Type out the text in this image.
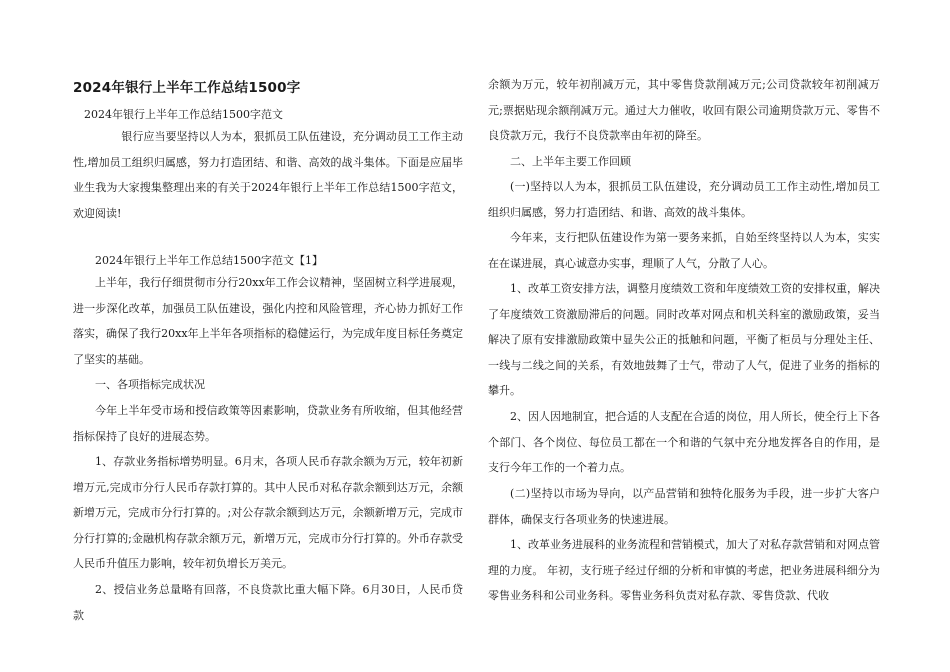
2024年银行上半年工作总结1500字
2024年银行上半年工作总结1500字范文

银行应当要坚持以人为本，狠抓员工队伍建设，充分调动员工工作主动性,增加员工组织归属感，努力打造团结、和谐、高效的战斗集体。下面是应届毕业生我为大家搜集整理出来的有关于2024年银行上半年工作总结1500字范文，欢迎阅读!

2024年银行上半年工作总结1500字范文【1】

上半年，我行仔细贯彻市分行20xx年工作会议精神，坚固树立科学进展观，进一步深化改革，加强员工队伍建设，强化内控和风险管理，齐心协力抓好工作落实，确保了我行20xx年上半年各项指标的稳健运行，为完成年度目标任务奠定了坚实的基础。

一、各项指标完成状况

今年上半年受市场和授信政策等因素影响，贷款业务有所收缩，但其他经营指标保持了良好的进展态势。

1、存款业务指标增势明显。6月末，各项人民币存款余额为万元，较年初新增万元,完成市分行人民币存款打算的。其中人民币对私存款余额到达万元，余额新增万元，完成市分行打算的。;对公存款余额到达万元，余额新增万元，完成市分行打算的;金融机构存款余额万元，新增万元，完成市分行打算的。外币存款受人民币升值压力影响，较年初负增长万美元。

2、授信业务总量略有回落，不良贷款比重大幅下降。6月30日，人民币贷款

余额为万元，较年初削减万元，其中零售贷款削减万元;公司贷款较年初削减万元;票据贴现余额削减万元。通过大力催收，收回有限公司逾期贷款万元、零售不良贷款万元，我行不良贷款率由年初的降至。

二、上半年主要工作回顾

(一)坚持以人为本，狠抓员工队伍建设，充分调动员工工作主动性,增加员工组织归属感，努力打造团结、和谐、高效的战斗集体。

今年来，支行把队伍建设作为第一要务来抓，自始至终坚持以人为本，实实在在谋进展，真心诚意办实事，理顺了人气，分散了人心。

1、改革工资安排方法，调整月度绩效工资和年度绩效工资的安排权重，解决了年度绩效工资激励滞后的问题。同时改革对网点和机关科室的激励政策，妥当解决了原有安排激励政策中显失公正的抵触和问题，平衡了柜员与分理处主任、一线与二线之间的关系，有效地鼓舞了士气，带动了人气，促进了业务的指标的攀升。

2、因人因地制宜，把合适的人支配在合适的岗位，用人所长，使全行上下各个部门、各个岗位、每位员工都在一个和谐的气氛中充分地发挥各自的作用，是支行今年工作的一个着力点。

(二)坚持以市场为导向，以产品营销和独特化服务为手段，进一步扩大客户群体，确保支行各项业务的快速进展。

1、改革业务进展科的业务流程和营销模式，加大了对私存款营销和对网点管理的力度。 年初，支行班子经过仔细的分析和审慎的考虑，把业务进展科细分为零售业务科和公司业务科。零售业务科负责对私存款、零售贷款、代收
